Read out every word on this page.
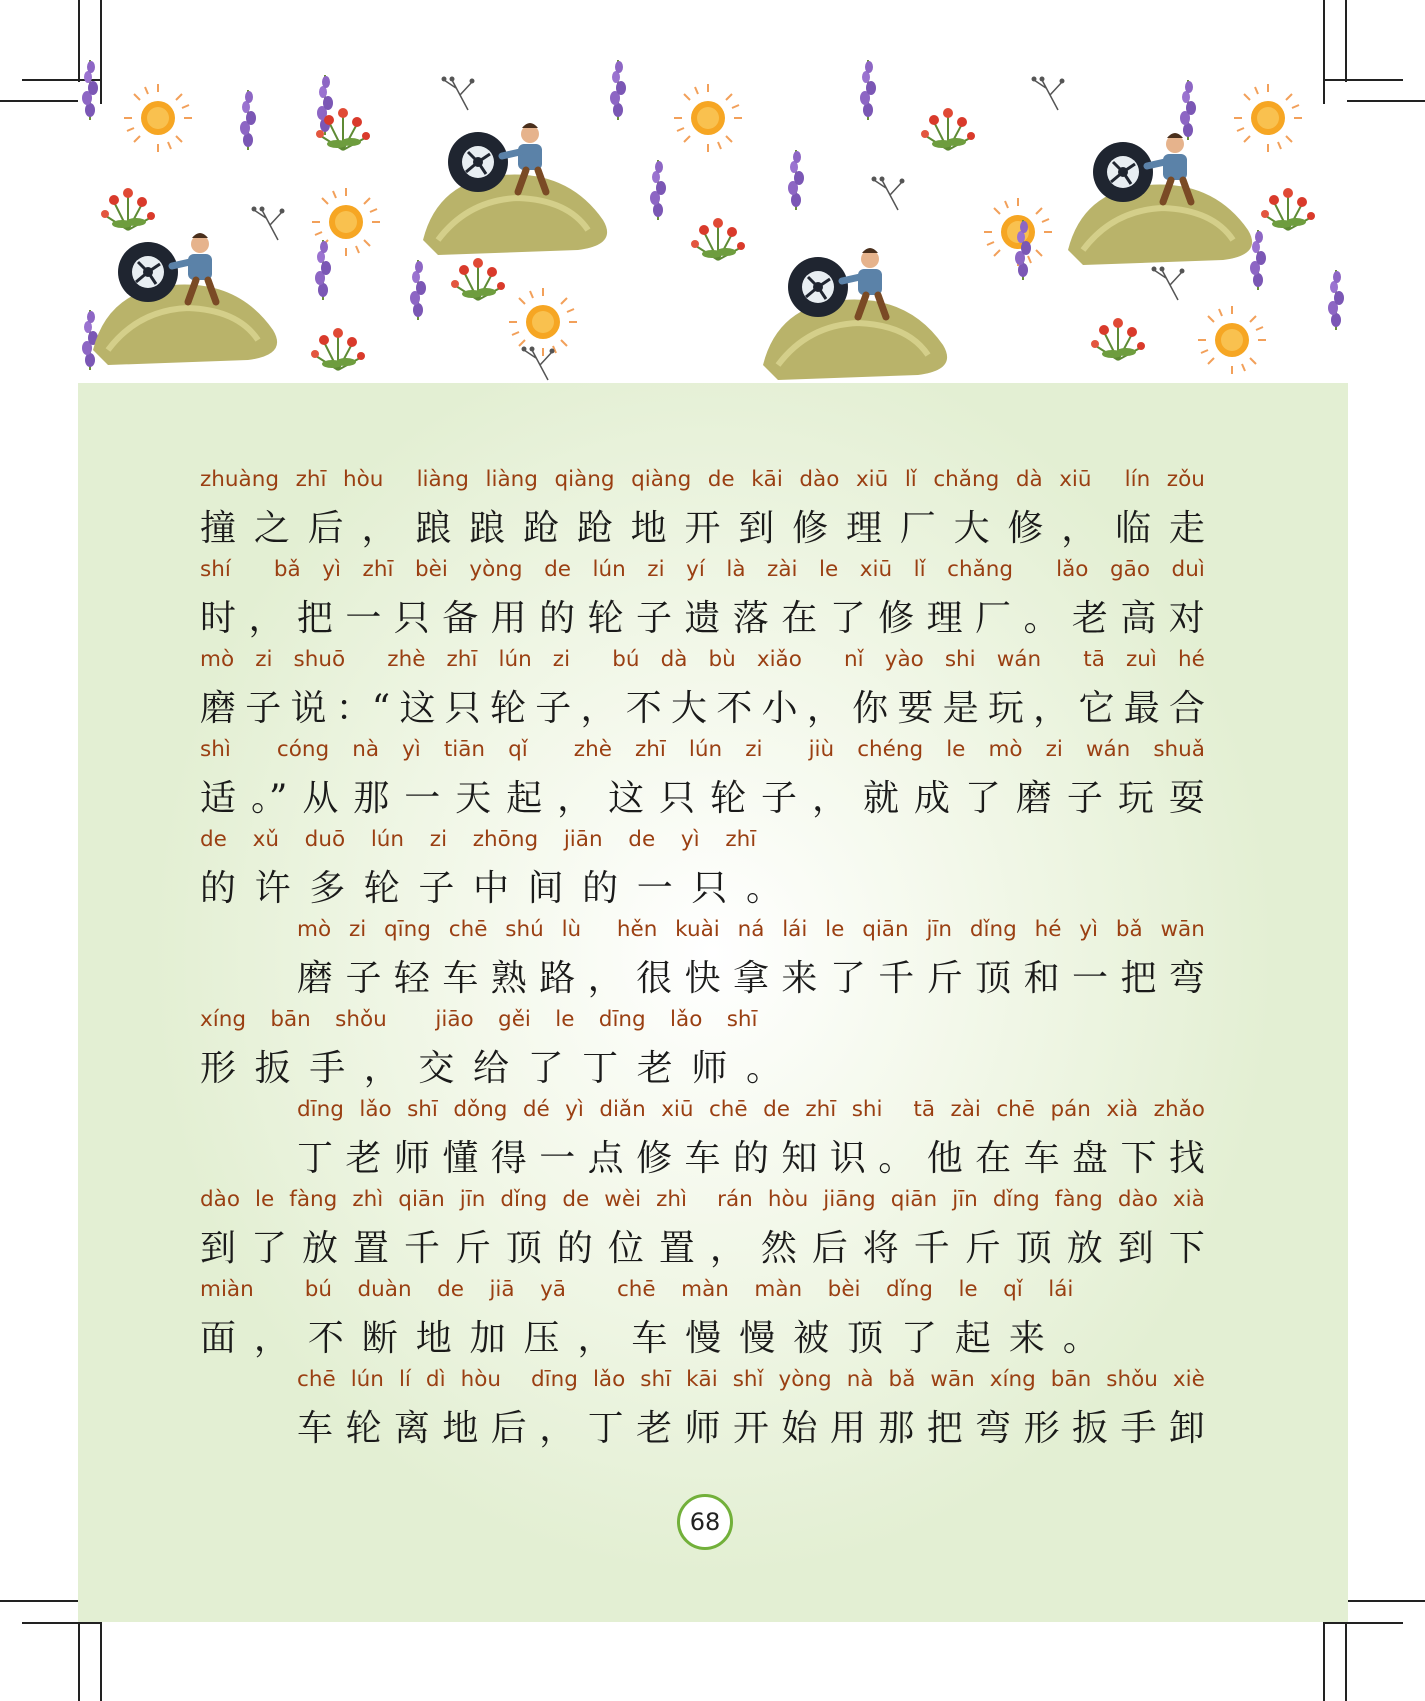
zhuàng zhī hòu liàng liàng qiàng qiàng de kāi dào xiū lǐ chǎng dà xiū lín zǒu
撞 之 后 ， 踉 踉 跄 跄 地 开 到 修 理 厂 大 修 ， 临 走
shí bǎ yì zhī bèi yòng de lún zi yí là zài le xiū lǐ chǎng lǎo gāo duì
时 ， 把 一 只 备 用 的 轮 子 遗 落 在 了 修 理 厂 。 老 高 对
mò zi shuō zhè zhī lún zi bú dà bù xiǎo nǐ yào shi wán tā zuì hé
磨 子 说 ：“ 这 只 轮 子 ， 不 大 不 小 ， 你 要 是 玩 ， 它 最 合
shì cóng nà yì tiān qǐ zhè zhī lún zi jiù chéng le mò zi wán shuǎ
适 。” 从 那 一 天 起 ， 这 只 轮 子 ， 就 成 了 磨 子 玩 耍
de xǔ duō lún zi zhōng jiān de yì zhī
的 许 多 轮 子 中 间 的 一 只 。
mò zi qīng chē shú lù hěn kuài ná lái le qiān jīn dǐng hé yì bǎ wān
磨 子 轻 车 熟 路 ， 很 快 拿 来 了 千 斤 顶 和 一 把 弯
xíng bān shǒu jiāo gěi le dīng lǎo shī
形 扳 手 ， 交 给 了 丁 老 师 。
dīng lǎo shī dǒng dé yì diǎn xiū chē de zhī shi tā zài chē pán xià zhǎo
丁 老 师 懂 得 一 点 修 车 的 知 识 。 他 在 车 盘 下 找
dào le fàng zhì qiān jīn dǐng de wèi zhì rán hòu jiāng qiān jīn dǐng fàng dào xià
到 了 放 置 千 斤 顶 的 位 置 ， 然 后 将 千 斤 顶 放 到 下
miàn bú duàn de jiā yā chē màn màn bèi dǐng le qǐ lái
面 ， 不 断 地 加 压 ， 车 慢 慢 被 顶 了 起 来 。
chē lún lí dì hòu dīng lǎo shī kāi shǐ yòng nà bǎ wān xíng bān shǒu xiè
车 轮 离 地 后 ， 丁 老 师 开 始 用 那 把 弯 形 扳 手 卸
68
